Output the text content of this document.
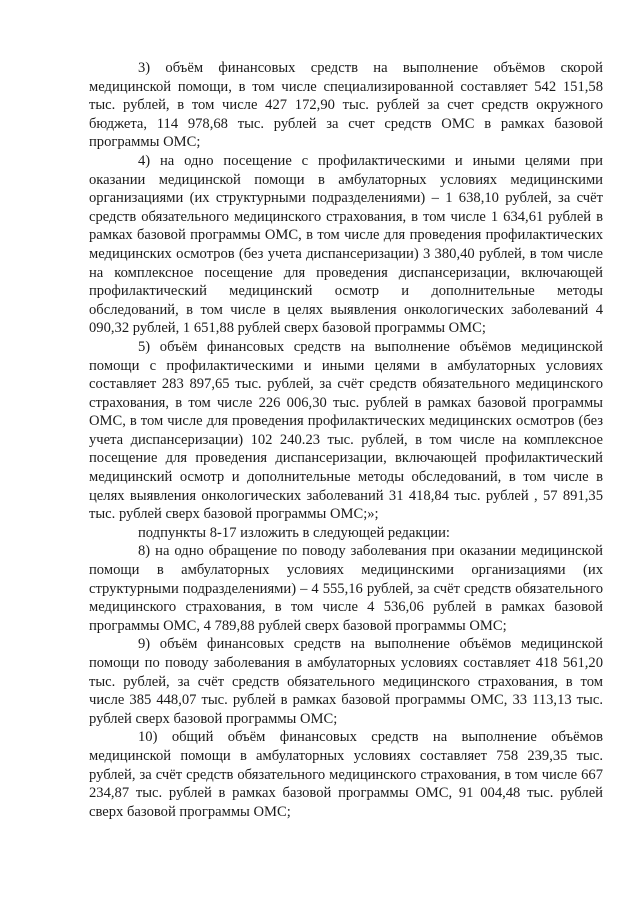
3) объём финансовых средств на выполнение объёмов скорой медицинской помощи, в том числе специализированной составляет 542 151,58 тыс. рублей, в том числе 427 172,90 тыс. рублей за счет средств окружного бюджета, 114 978,68 тыс. рублей за счет средств ОМС в рамках базовой программы ОМС;

4) на одно посещение с профилактическими и иными целями при оказании медицинской помощи в амбулаторных условиях медицинскими организациями (их структурными подразделениями) – 1 638,10 рублей, за счёт средств обязательного медицинского страхования, в том числе 1 634,61 рублей в рамках базовой программы ОМС, в том числе для проведения профилактических медицинских осмотров (без учета диспансеризации) 3 380,40 рублей, в том числе на комплексное посещение для проведения диспансеризации, включающей профилактический медицинский осмотр и дополнительные методы обследований, в том числе в целях выявления онкологических заболеваний 4 090,32 рублей, 1 651,88 рублей сверх базовой программы ОМС;

5) объём финансовых средств на выполнение объёмов медицинской помощи с профилактическими и иными целями в амбулаторных условиях составляет 283 897,65 тыс. рублей, за счёт средств обязательного медицинского страхования, в том числе 226 006,30 тыс. рублей в рамках базовой программы ОМС, в том числе для проведения профилактических медицинских осмотров (без учета диспансеризации) 102 240.23 тыс. рублей, в том числе на комплексное посещение для проведения диспансеризации, включающей профилактический медицинский осмотр и дополнительные методы обследований, в том числе в целях выявления онкологических заболеваний 31 418,84 тыс. рублей , 57 891,35 тыс. рублей сверх базовой программы ОМС;»;

подпункты 8-17 изложить в следующей редакции:

8) на одно обращение по поводу заболевания при оказании медицинской помощи в амбулаторных условиях медицинскими организациями (их структурными подразделениями) – 4 555,16 рублей, за счёт средств обязательного медицинского страхования, в том числе 4 536,06 рублей в рамках базовой программы ОМС, 4 789,88 рублей сверх базовой программы ОМС;

9) объём финансовых средств на выполнение объёмов медицинской помощи по поводу заболевания в амбулаторных условиях составляет 418 561,20 тыс. рублей, за счёт средств обязательного медицинского страхования, в том числе 385 448,07 тыс. рублей в рамках базовой программы ОМС, 33 113,13 тыс. рублей сверх базовой программы ОМС;

10) общий объём финансовых средств на выполнение объёмов медицинской помощи в амбулаторных условиях составляет 758 239,35 тыс. рублей, за счёт средств обязательного медицинского страхования, в том числе 667 234,87 тыс. рублей в рамках базовой программы ОМС, 91 004,48 тыс. рублей сверх базовой программы ОМС;
